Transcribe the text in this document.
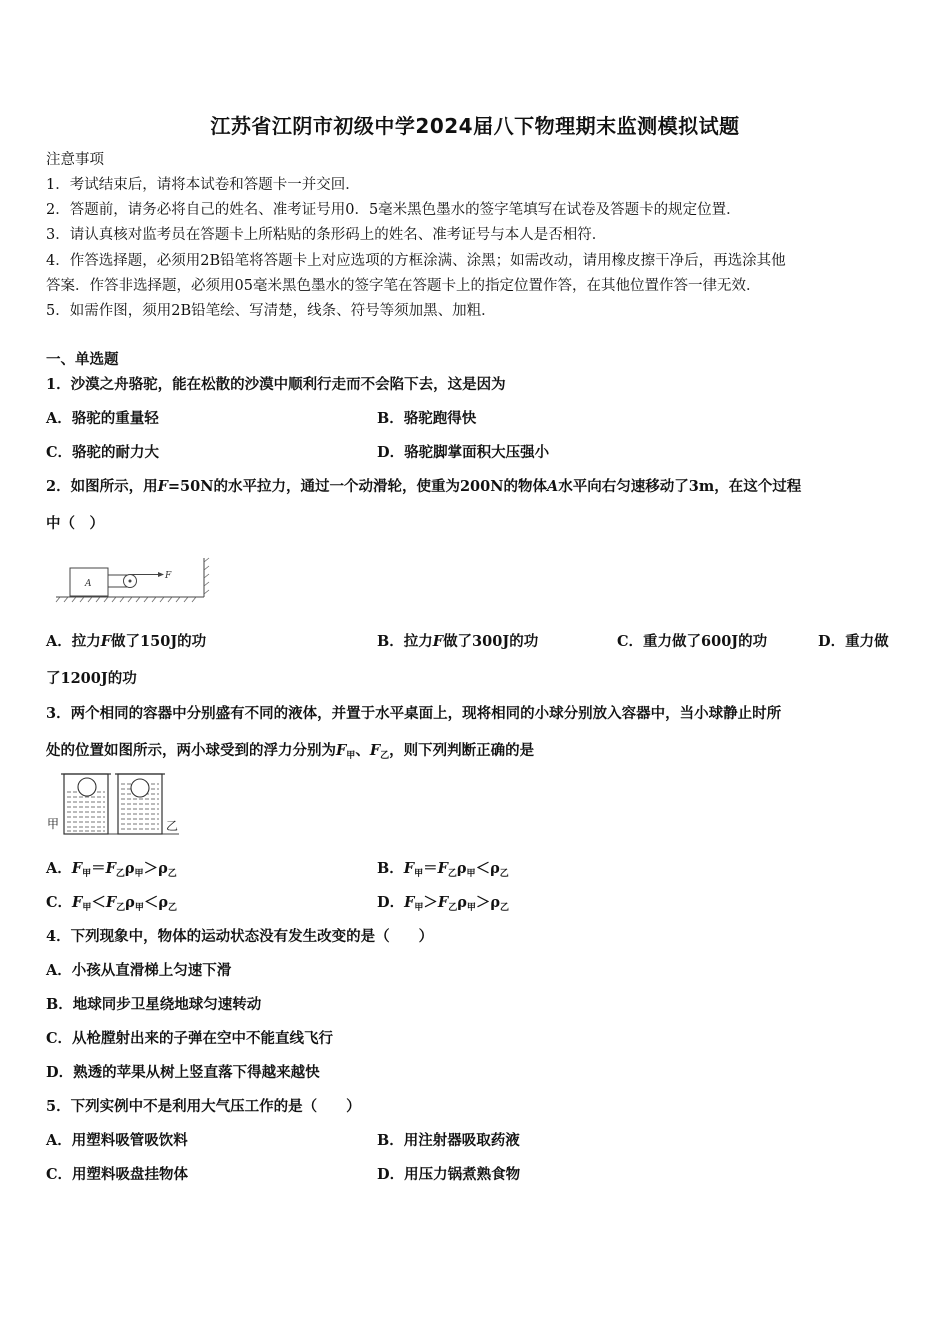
江苏省江阴市初级中学2024届八下物理期末监测模拟试题
注意事项
1．考试结束后，请将本试卷和答题卡一并交回．
2．答题前，请务必将自己的姓名、准考证号用0．5毫米黑色墨水的签字笔填写在试卷及答题卡的规定位置．
3．请认真核对监考员在答题卡上所粘贴的条形码上的姓名、准考证号与本人是否相符．
4．作答选择题，必须用2B铅笔将答题卡上对应选项的方框涂满、涂黑；如需改动，请用橡皮擦干净后，再选涂其他
答案．作答非选择题，必须用05毫米黑色墨水的签字笔在答题卡上的指定位置作答，在其他位置作答一律无效．
5．如需作图，须用2B铅笔绘、写清楚，线条、符号等须加黑、加粗．
一、单选题
1．沙漠之舟骆驼，能在松散的沙漠中顺利行走而不会陷下去，这是因为
A．骆驼的重量轻	B．骆驼跑得快
C．骆驼的耐力大	D．骆驼脚掌面积大压强小
2．如图所示，用F=50N的水平拉力，通过一个动滑轮，使重为200N的物体A水平向右匀速移动了3m，在这个过程
中（　）
A
F
A．拉力F做了150J的功	B．拉力F做了300J的功	C．重力做了600J的功	D．重力做
了1200J的功
3．两个相同的容器中分别盛有不同的液体，并置于水平桌面上，现将相同的小球分别放入容器中，当小球静止时所
处的位置如图所示，两小球受到的浮力分别为$F_甲$、$F_乙$，则下列判断正确的是
甲	乙
A．$F_甲=F_乙\rho_甲>\rho_乙$	B．$F_甲=F_乙\rho_甲<\rho_乙$
C．$F_甲<F_乙\rho_甲<\rho_乙$	D．$F_甲>F_乙\rho_甲>\rho_乙$
4．下列现象中，物体的运动状态没有发生改变的是（　　）
A．小孩从直滑梯上匀速下滑
B．地球同步卫星绕地球匀速转动
C．从枪膛射出来的子弹在空中不能直线飞行
D．熟透的苹果从树上竖直落下得越来越快
5．下列实例中不是利用大气压工作的是（　　）
A．用塑料吸管吸饮料	B．用注射器吸取药液
C．用塑料吸盘挂物体	D．用压力锅煮熟食物
